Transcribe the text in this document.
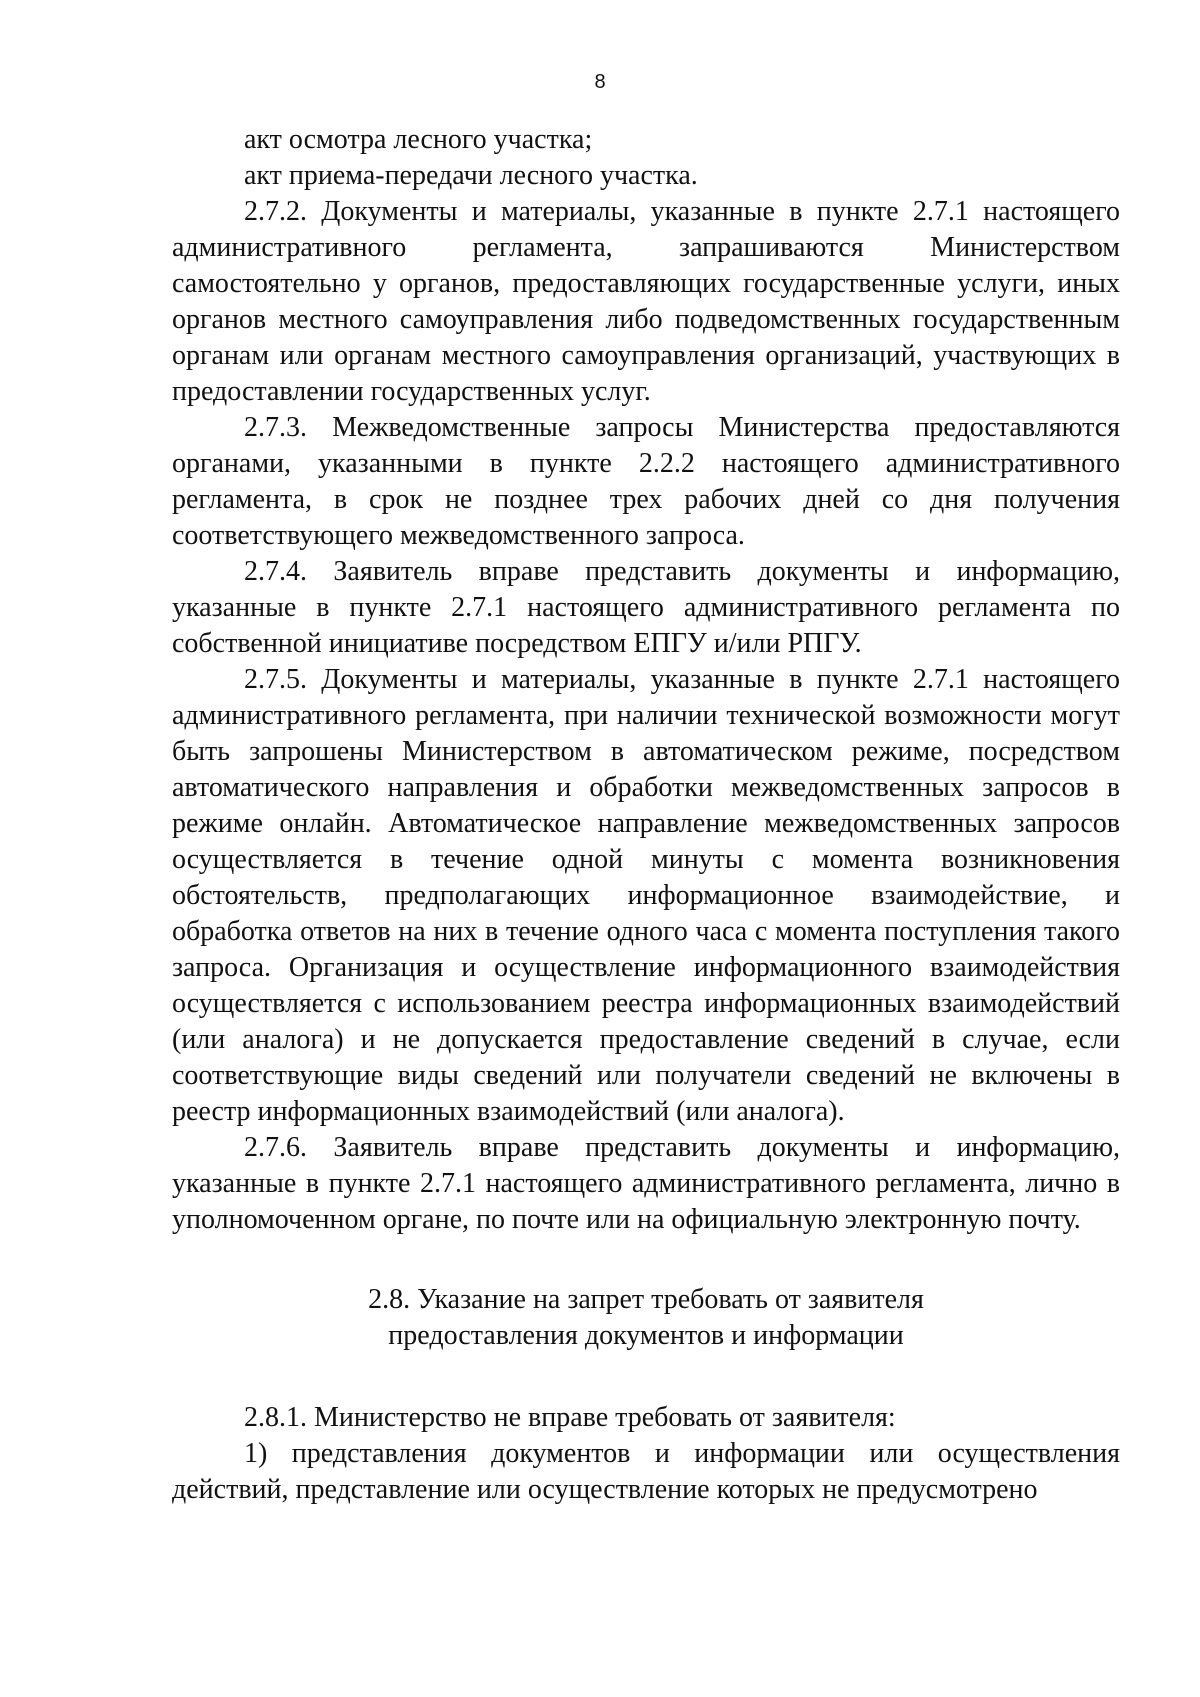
8

акт осмотра лесного участка;

акт приема-передачи лесного участка.

2.7.2. Документы и материалы, указанные в пункте 2.7.1 настоящего административного регламента, запрашиваются Министерством самостоятельно у органов, предоставляющих государственные услуги, иных органов местного самоуправления либо подведомственных государственным органам или органам местного самоуправления организаций, участвующих в предоставлении государственных услуг.

2.7.3. Межведомственные запросы Министерства предоставляются органами, указанными в пункте 2.2.2 настоящего административного регламента, в срок не позднее трех рабочих дней со дня получения соответствующего межведомственного запроса.

2.7.4. Заявитель вправе представить документы и информацию, указанные в пункте 2.7.1 настоящего административного регламента по собственной инициативе посредством ЕПГУ и/или РПГУ.

2.7.5. Документы и материалы, указанные в пункте 2.7.1 настоящего административного регламента, при наличии технической возможности могут быть запрошены Министерством в автоматическом режиме, посредством автоматического направления и обработки межведомственных запросов в режиме онлайн. Автоматическое направление межведомственных запросов осуществляется в течение одной минуты с момента возникновения обстоятельств, предполагающих информационное взаимодействие, и обработка ответов на них в течение одного часа с момента поступления такого запроса. Организация и осуществление информационного взаимодействия осуществляется с использованием реестра информационных взаимодействий (или аналога) и не допускается предоставление сведений в случае, если соответствующие виды сведений или получатели сведений не включены в реестр информационных взаимодействий (или аналога).

2.7.6. Заявитель вправе представить документы и информацию, указанные в пункте 2.7.1 настоящего административного регламента, лично в уполномоченном органе, по почте или на официальную электронную почту.

2.8. Указание на запрет требовать от заявителя
предоставления документов и информации

2.8.1. Министерство не вправе требовать от заявителя:

1) представления документов и информации или осуществления действий, представление или осуществление которых не предусмотрено
